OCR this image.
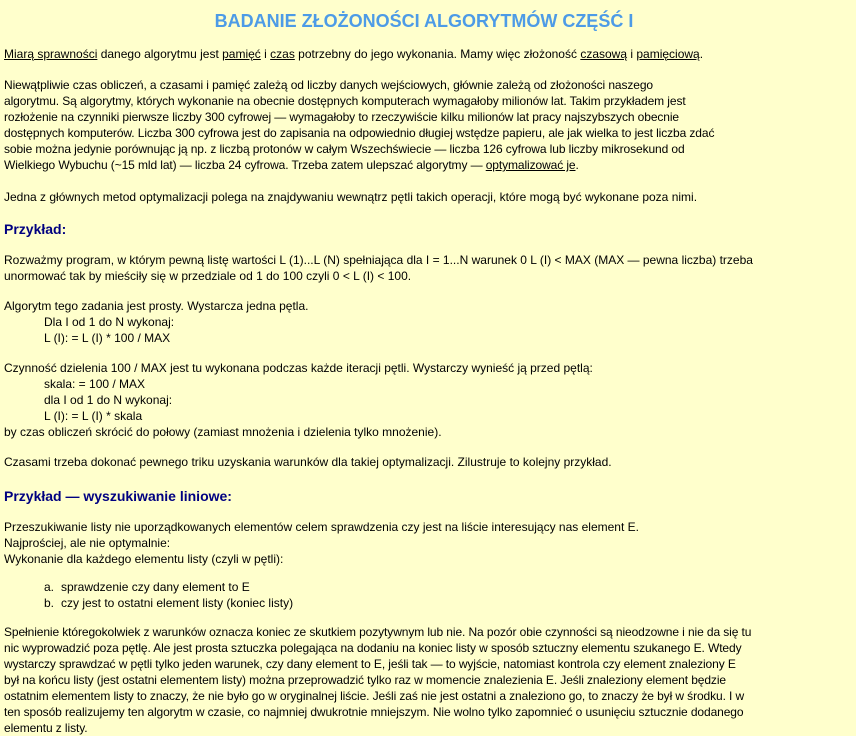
BADANIE ZŁOŻONOŚCI ALGORYTMÓW CZĘŚĆ I

Miarą sprawności danego algorytmu jest pamięć i czas potrzebny do jego wykonania. Mamy więc złożoność czasową i pamięciową.

Niewątpliwie czas obliczeń, a czasami i pamięć zależą od liczby danych wejściowych, głównie zależą od złożoności naszego
algorytmu. Są algorytmy, których wykonanie na obecnie dostępnych komputerach wymagałoby milionów lat. Takim przykładem jest
rozłożenie na czynniki pierwsze liczby 300 cyfrowej — wymagałoby to rzeczywiście kilku milionów lat pracy najszybszych obecnie
dostępnych komputerów. Liczba 300 cyfrowa jest do zapisania na odpowiednio długiej wstędze papieru, ale jak wielka to jest liczba zdać
sobie można jedynie porównując ją np. z liczbą protonów w całym Wszechświecie — liczba 126 cyfrowa lub liczby mikrosekund od
Wielkiego Wybuchu (~15 mld lat) — liczba 24 cyfrowa. Trzeba zatem ulepszać algorytmy — optymalizować je.

Jedna z głównych metod optymalizacji polega na znajdywaniu wewnątrz pętli takich operacji, które mogą być wykonane poza nimi.

Przykład:

Rozważmy program, w którym pewną listę wartości L (1)...L (N) spełniająca dla I = 1...N warunek 0 L (I) < MAX (MAX — pewna liczba) trzeba
unormować tak by mieściły się w przedziale od 1 do 100 czyli 0 < L (I) < 100.

Algorytm tego zadania jest prosty. Wystarcza jedna pętla.
Dla I od 1 do N wykonaj:
L (I): = L (I) * 100 / MAX

Czynność dzielenia 100 / MAX jest tu wykonana podczas każde iteracji pętli. Wystarczy wynieść ją przed pętlą:
skala: = 100 / MAX
dla I od 1 do N wykonaj:
L (I): = L (I) * skala
by czas obliczeń skrócić do połowy (zamiast mnożenia i dzielenia tylko mnożenie).

Czasami trzeba dokonać pewnego triku uzyskania warunków dla takiej optymalizacji. Zilustruje to kolejny przykład.

Przykład — wyszukiwanie liniowe:

Przeszukiwanie listy nie uporządkowanych elementów celem sprawdzenia czy jest na liście interesujący nas element E.
Najprościej, ale nie optymalnie:
Wykonanie dla każdego elementu listy (czyli w pętli):

a. sprawdzenie czy dany element to E
b. czy jest to ostatni element listy (koniec listy)

Spełnienie któregokolwiek z warunków oznacza koniec ze skutkiem pozytywnym lub nie. Na pozór obie czynności są nieodzowne i nie da się tu
nic wyprowadzić poza pętlę. Ale jest prosta sztuczka polegająca na dodaniu na koniec listy w sposób sztuczny elementu szukanego E. Wtedy
wystarczy sprawdzać w pętli tylko jeden warunek, czy dany element to E, jeśli tak — to wyjście, natomiast kontrola czy element znaleziony E
był na końcu listy (jest ostatni elementem listy) można przeprowadzić tylko raz w momencie znalezienia E. Jeśli znaleziony element będzie
ostatnim elementem listy to znaczy, że nie było go w oryginalnej liście. Jeśli zaś nie jest ostatni a znaleziono go, to znaczy że był w środku. I w
ten sposób realizujemy ten algorytm w czasie, co najmniej dwukrotnie mniejszym. Nie wolno tylko zapomnieć o usunięciu sztucznie dodanego
elementu z listy.
